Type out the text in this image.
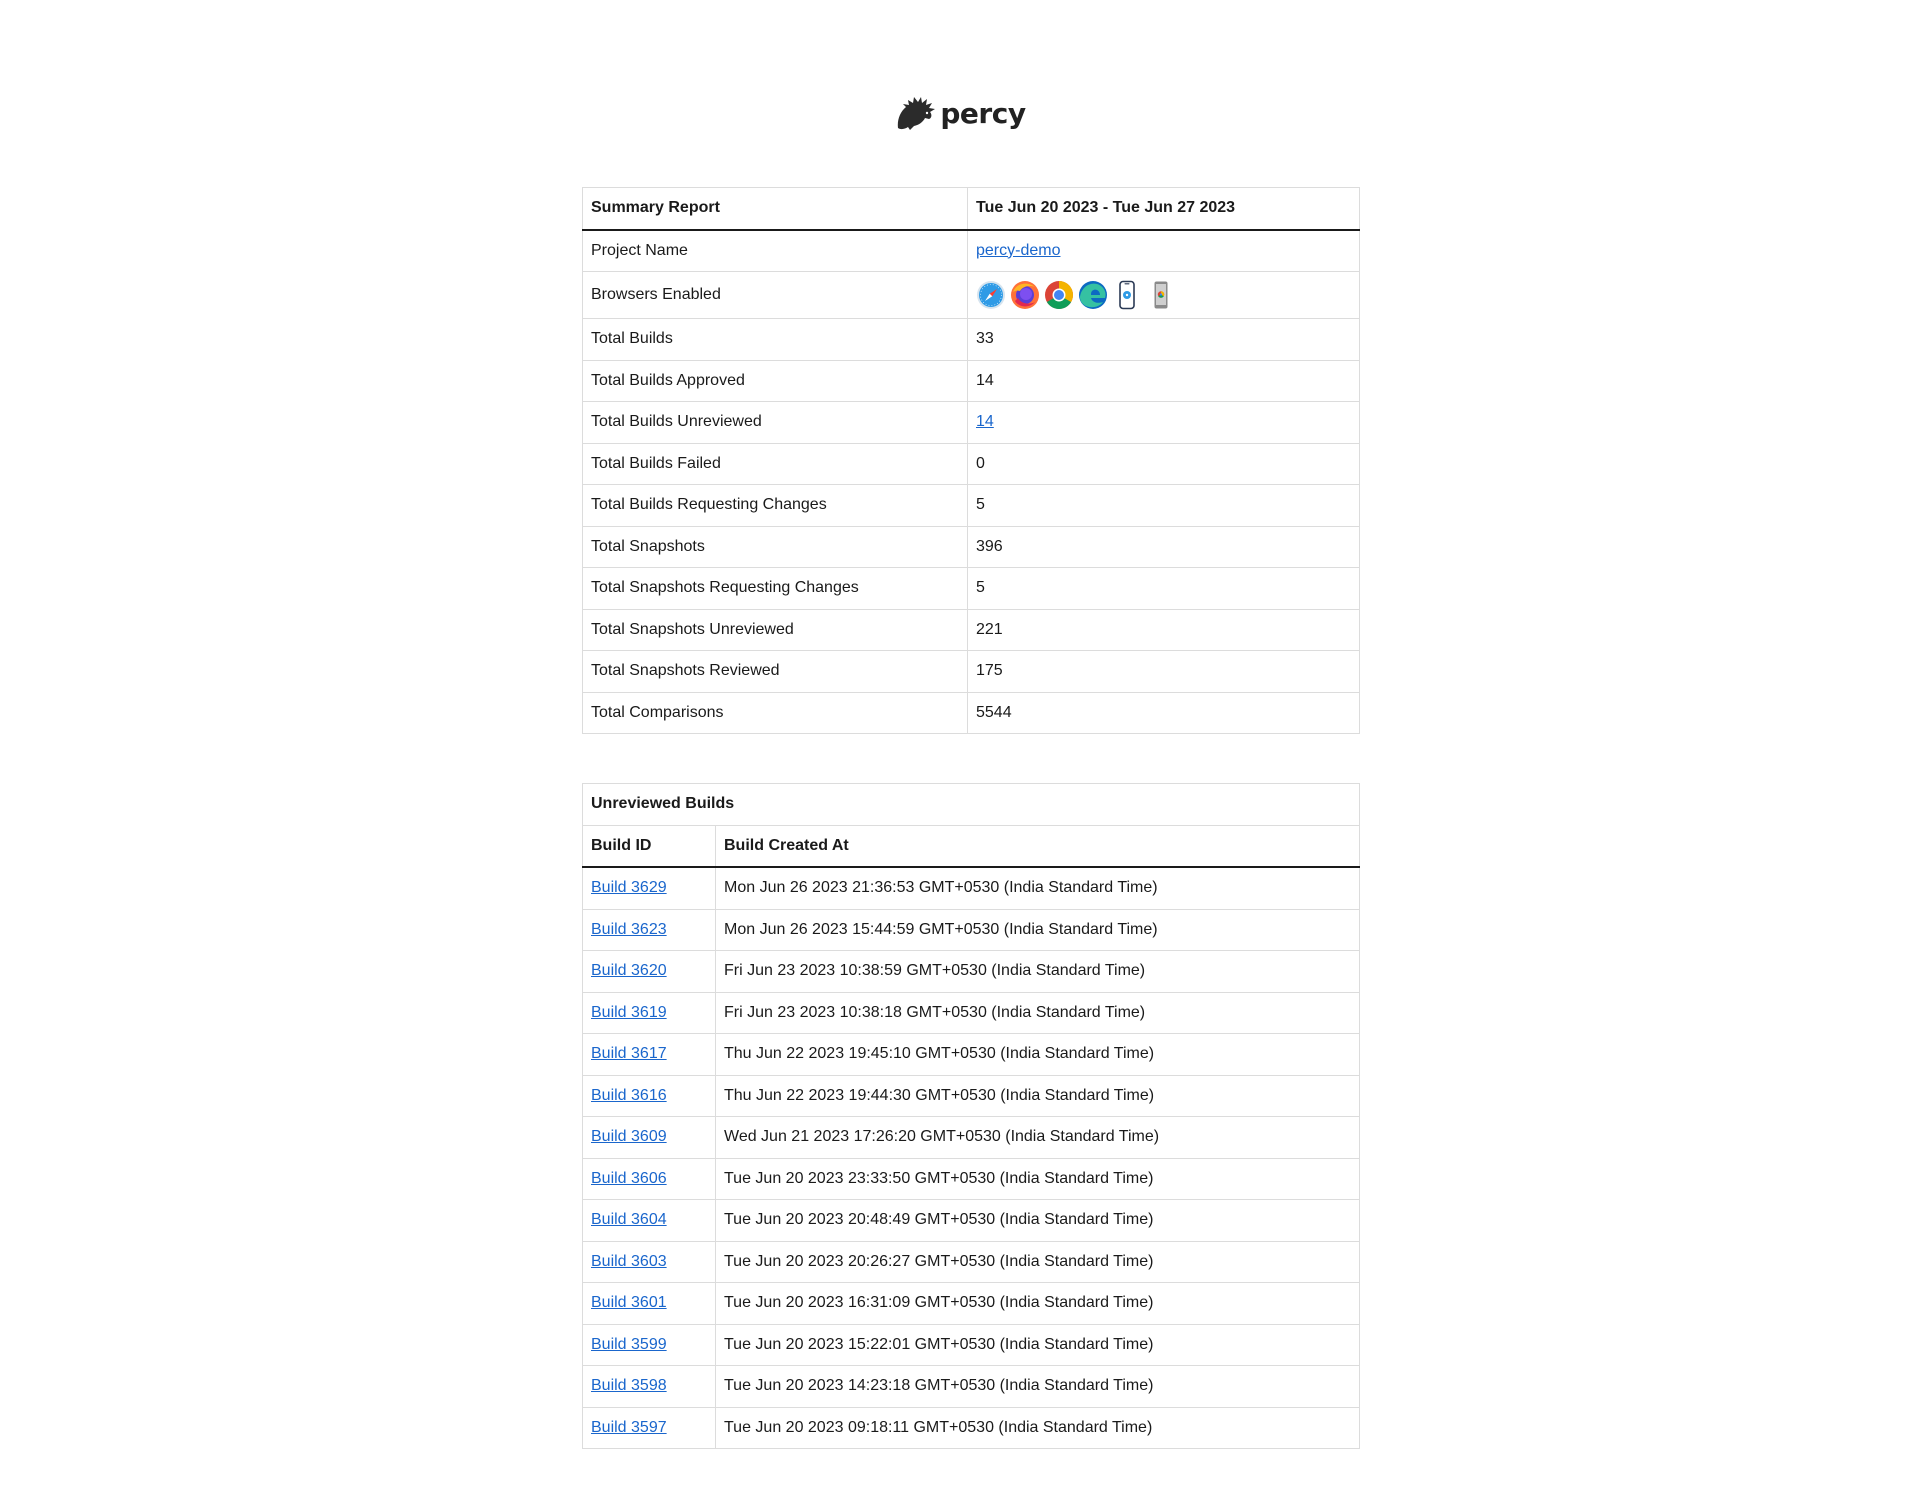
percy
Summary Report	Tue Jun 20 2023 - Tue Jun 27 2023
Project Name	percy-demo
Browsers Enabled	

Total Builds	33
Total Builds Approved	14
Total Builds Unreviewed	14
Total Builds Failed	0
Total Builds Requesting Changes	5
Total Snapshots	396
Total Snapshots Requesting Changes	5
Total Snapshots Unreviewed	221
Total Snapshots Reviewed	175
Total Comparisons	5544
Unreviewed Builds	
Build ID	Build Created At
Build 3629	Mon Jun 26 2023 21:36:53 GMT+0530 (India Standard Time)
Build 3623	Mon Jun 26 2023 15:44:59 GMT+0530 (India Standard Time)
Build 3620	Fri Jun 23 2023 10:38:59 GMT+0530 (India Standard Time)
Build 3619	Fri Jun 23 2023 10:38:18 GMT+0530 (India Standard Time)
Build 3617	Thu Jun 22 2023 19:45:10 GMT+0530 (India Standard Time)
Build 3616	Thu Jun 22 2023 19:44:30 GMT+0530 (India Standard Time)
Build 3609	Wed Jun 21 2023 17:26:20 GMT+0530 (India Standard Time)
Build 3606	Tue Jun 20 2023 23:33:50 GMT+0530 (India Standard Time)
Build 3604	Tue Jun 20 2023 20:48:49 GMT+0530 (India Standard Time)
Build 3603	Tue Jun 20 2023 20:26:27 GMT+0530 (India Standard Time)
Build 3601	Tue Jun 20 2023 16:31:09 GMT+0530 (India Standard Time)
Build 3599	Tue Jun 20 2023 15:22:01 GMT+0530 (India Standard Time)
Build 3598	Tue Jun 20 2023 14:23:18 GMT+0530 (India Standard Time)
Build 3597	Tue Jun 20 2023 09:18:11 GMT+0530 (India Standard Time)
